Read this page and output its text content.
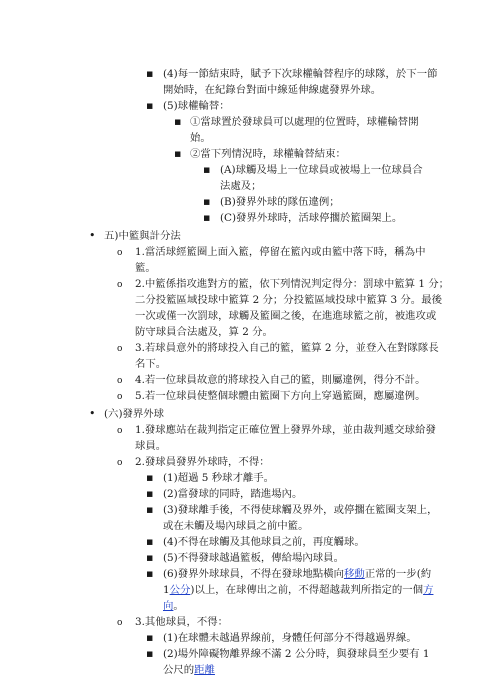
▪
▪
▪
▪
▪
▪
▪
•
o
o
o
o
o
•
o
o
▪
▪
▪
▪
▪
▪
o
▪
▪
(4)每一節結束時，賦予下次球權輪替程序的球隊，於下一節
開始時，在紀錄台對面中線延伸線處發界外球。
(5)球權輪替：
①當球置於發球員可以處理的位置時，球權輪替開
始。
②當下列情況時，球權輪替結束：
(A)球觸及場上一位球員或被場上一位球員合
法處及；
(B)發界外球的隊伍違例；
(C)發界外球時，活球停擱於籃圈架上。
五)中籃與計分法
1.當活球經籃圈上面入籃，停留在籃內或由籃中落下時，稱為中
籃。
2.中籃係指攻進對方的籃，依下列情況判定得分：罰球中籃算 1 分；
二分投籃區域投球中籃算 2 分；分投籃區域投球中籃算 3 分。最後
一次或僅一次罰球，球觸及籃圈之後，在進進球籃之前，被進攻或
防守球員合法處及，算 2 分。
3.若球員意外的將球投入自己的籃，籃算 2 分，並登入在對隊隊長
名下。
4.若一位球員故意的將球投入自己的籃，則屬違例，得分不計。
5.若一位球員使整個球體由籃圈下方向上穿過籃圈，應屬違例。
(六)發界外球
1.發球應站在裁判指定正確位置上發界外球，並由裁判遞交球給發
球員。
2.發球員發界外球時，不得：
(1)超過 5 秒球才離手。
(2)當發球的同時，踏進場內。
(3)發球離手後，不得使球觸及界外，或停擱在籃圈支架上，
或在未觸及場內球員之前中籃。
(4)不得在球觸及其他球員之前，再度觸球。
(5)不得發球越過籃板，傳給場內球員。
(6)發界外球球員，不得在發球地點橫向移動正常的一步(約
1公分)以上，在球傳出之前，不得超越裁判所指定的一個方
向。
3.其他球員，不得：
(1)在球體未越過界線前，身體任何部分不得越過界線。
(2)場外障礙物離界線不滿 2 公分時，與發球員至少要有 1
公尺的距離
